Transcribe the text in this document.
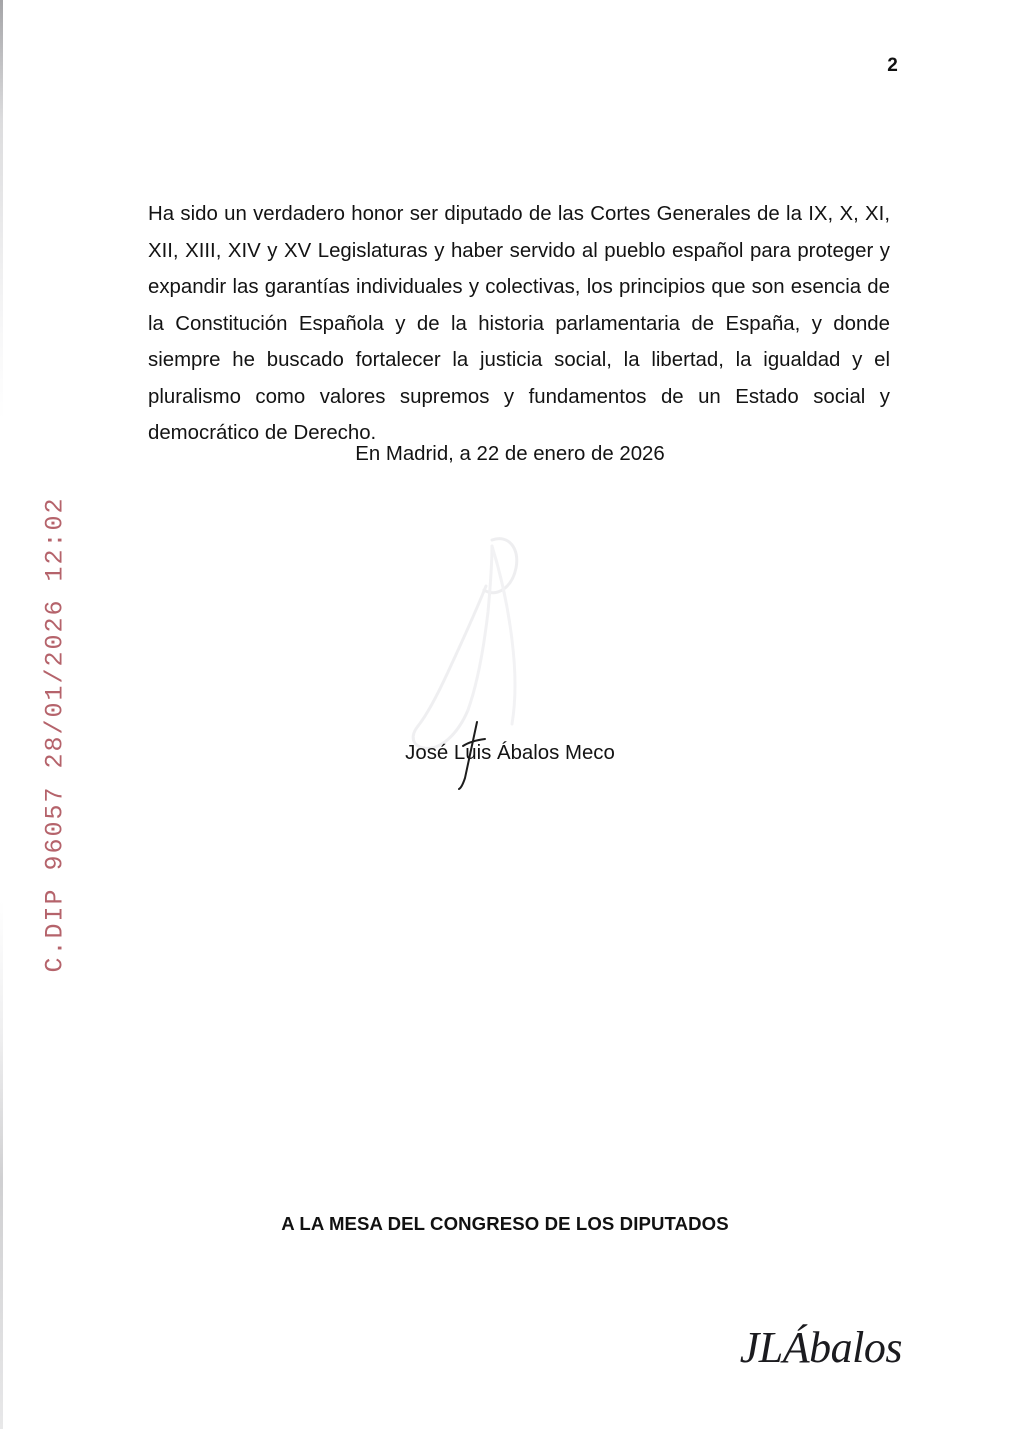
2
C.DIP 96057 28/01/2026 12:02

Ha sido un verdadero honor ser diputado de las Cortes Generales de la IX, X, XI, XII, XIII, XIV y XV Legislaturas y haber servido al pueblo español para proteger y expandir las garantías individuales y colectivas, los principios que son esencia de la Constitución Española y de la historia parlamentaria de España, y donde siempre he buscado fortalecer la justicia social, la libertad, la igualdad y el pluralismo como valores supremos y fundamentos de un Estado social y democrático de Derecho.

En Madrid, a 22 de enero de 2026
José Luis Ábalos Meco
A LA MESA DEL CONGRESO DE LOS DIPUTADOS
JLÁbalos
